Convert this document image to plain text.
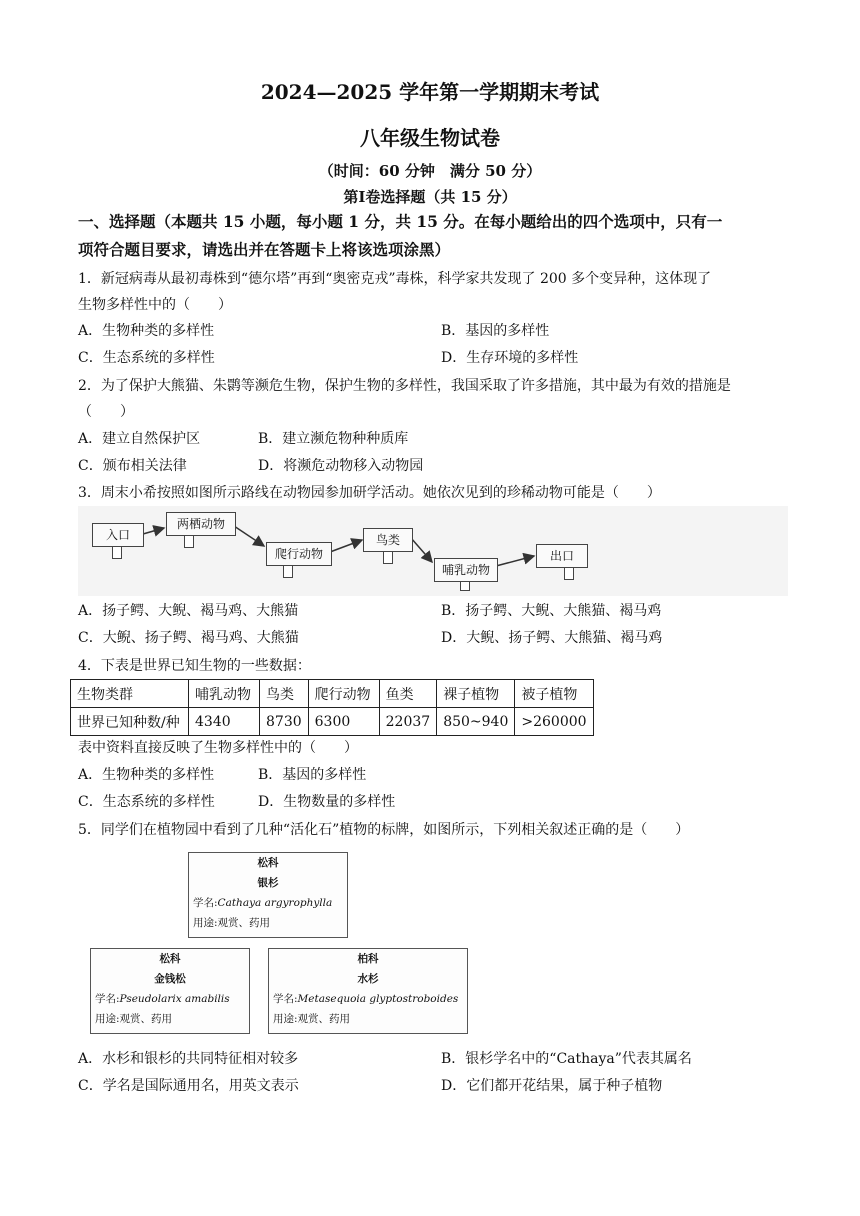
2024—2025 学年第一学期期末考试
八年级生物试卷
（时间：60 分钟　满分 50 分）
第Ⅰ卷选择题（共 15 分）
一、选择题（本题共 15 小题，每小题 1 分，共 15 分。在每小题给出的四个选项中，只有一
项符合题目要求，请选出并在答题卡上将该选项涂黑）
1．新冠病毒从最初毒株到“德尔塔”再到“奥密克戎”毒株，科学家共发现了 200 多个变异种，这体现了
生物多样性中的（　　）
A．生物种类的多样性	B．基因的多样性
C．生态系统的多样性	D．生存环境的多样性
2．为了保护大熊猫、朱鹮等濒危生物，保护生物的多样性，我国采取了许多措施，其中最为有效的措施是
（　　）
A．建立自然保护区	B．建立濒危物种种质库
C．颁布相关法律	D．将濒危动物移入动物园
3．周末小希按照如图所示路线在动物园参加研学活动。她依次见到的珍稀动物可能是（　　）
入口
两栖动物
爬行动物
鸟类
哺乳动物
出口
A．扬子鳄、大鲵、褐马鸡、大熊猫	B．扬子鳄、大鲵、大熊猫、褐马鸡
C．大鲵、扬子鳄、褐马鸡、大熊猫	D．大鲵、扬子鳄、大熊猫、褐马鸡
4．下表是世界已知生物的一些数据：
生物类群	哺乳动物	鸟类	爬行动物	鱼类	裸子植物	被子植物
世界已知种数/种	4340	8730	6300	22037	850~940	>260000
表中资料直接反映了生物多样性中的（　　）
A．生物种类的多样性	B．基因的多样性
C．生态系统的多样性	D．生物数量的多样性
5．同学们在植物园中看到了几种“活化石”植物的标牌，如图所示，下列相关叙述正确的是（　　）
松科
银杉
学名:Cathaya argyrophylla
用途:观赏、药用
松科
金钱松
学名:Pseudolarix amabilis
用途:观赏、药用
柏科
水杉
学名:Metasequoia glyptostroboides
用途:观赏、药用
A．水杉和银杉的共同特征相对较多	B．银杉学名中的“Cathaya”代表其属名
C．学名是国际通用名，用英文表示	D．它们都开花结果，属于种子植物
